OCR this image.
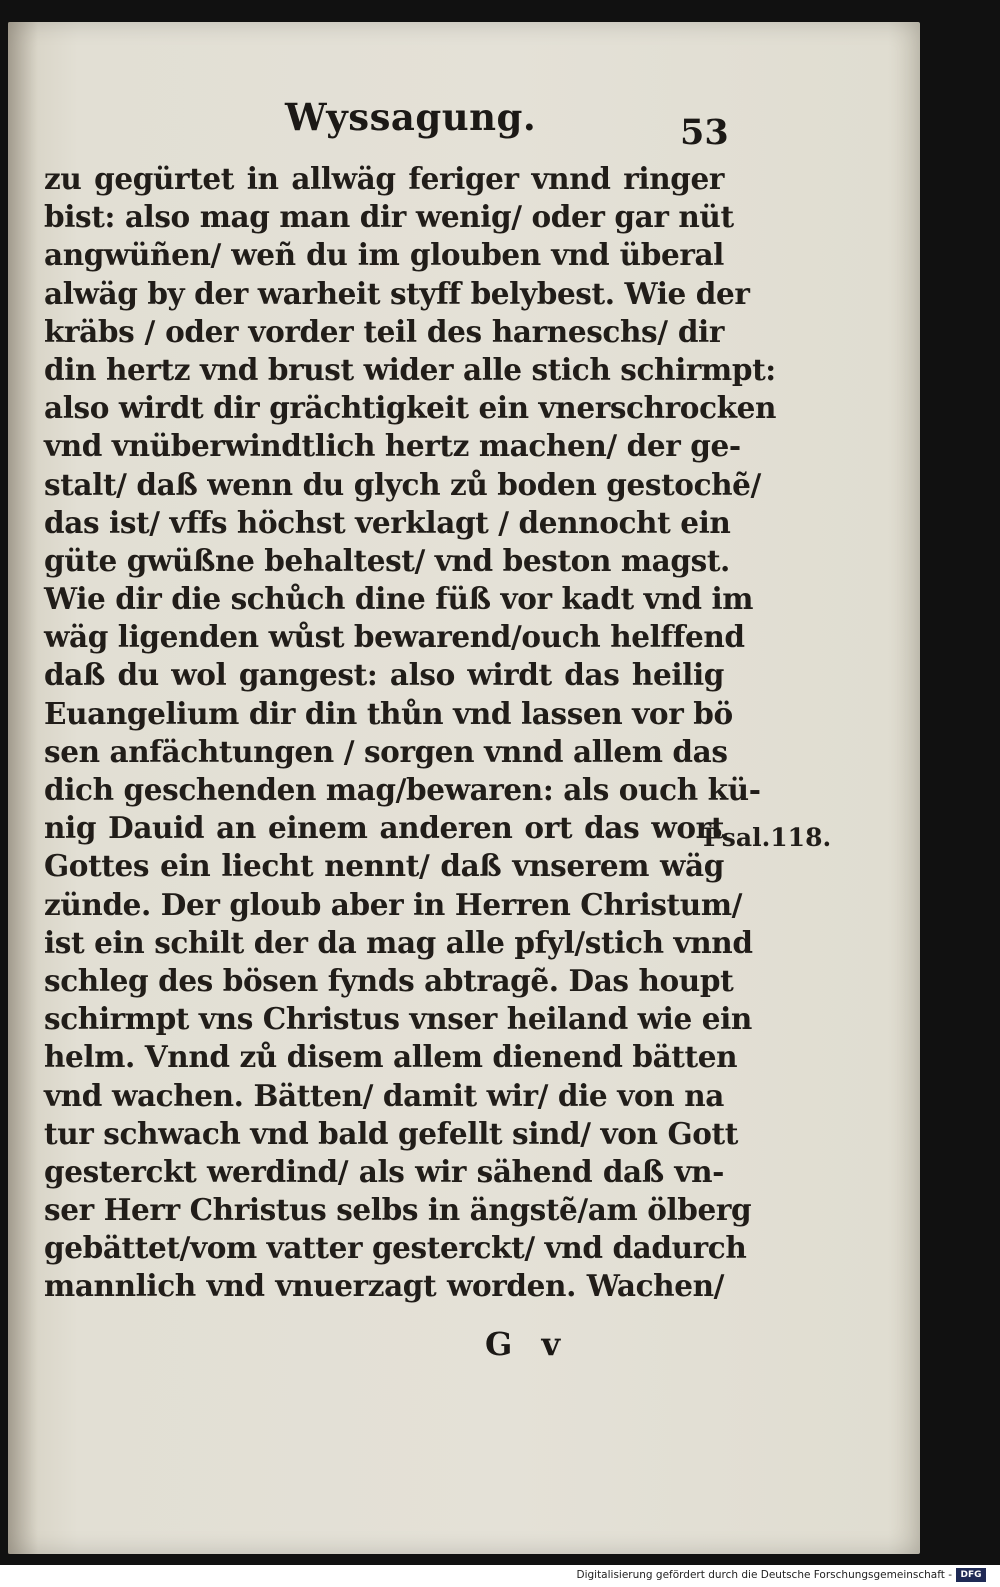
Wyssagung.	53
zu gegürtet in allwäg feriger vnnd ringer
bist: also mag man dir wenig/ oder gar nüt
angwüñen/ weñ du im glouben vnd überal
alwäg by der warheit styff belybest. Wie der
kräbs / oder vorder teil des harneschs/ dir
din hertz vnd brust wider alle stich schirmpt:
also wirdt dir grächtigkeit ein vnerschrocken
vnd vnüberwindtlich hertz machen/ der ge-
stalt/ daß wenn du glych zů boden gestochẽ/
das ist/ vffs höchst verklagt / dennocht ein
güte gwüßne behaltest/ vnd beston magst.
Wie dir die schůch dine füß vor kadt vnd im
wäg ligenden wůst bewarend/ouch helffend
daß du wol gangest: also wirdt das heilig
Euangelium dir din thůn vnd lassen vor bö
sen anfächtungen / sorgen vnnd allem das
dich geschenden mag/bewaren: als ouch kü-
nig Dauid an einem anderen ort das wort
Gottes ein liecht nennt/ daß vnserem wäg
zünde. Der gloub aber in Herren Christum/
ist ein schilt der da mag alle pfyl/stich vnnd
schleg des bösen fynds abtragẽ. Das houpt
schirmpt vns Christus vnser heiland wie ein
helm. Vnnd zů disem allem dienend bätten
vnd wachen. Bätten/ damit wir/ die von na
tur schwach vnd bald gefellt sind/ von Gott
gesterckt werdind/ als wir sähend daß vn-
ser Herr Christus selbs in ängstẽ/am ölberg
gebättet/vom vatter gesterckt/ vnd dadurch
mannlich vnd vnuerzagt worden. Wachen/
Psal.118.
G v
Digitalisierung gefördert durch die Deutsche Forschungsgemeinschaft - DFG
